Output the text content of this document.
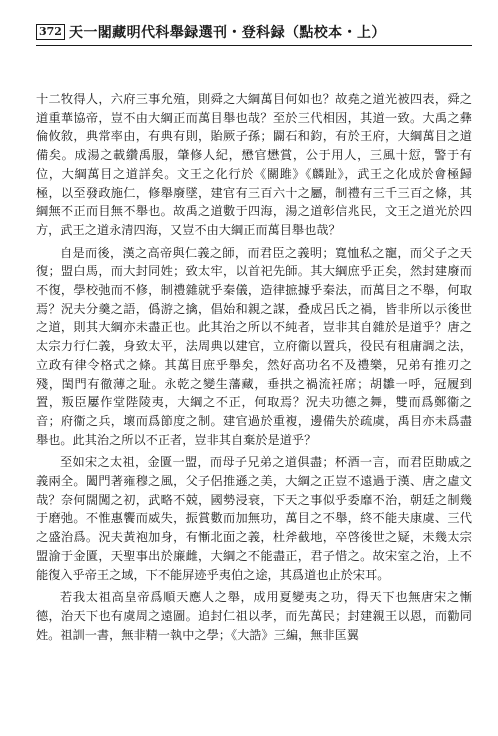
372 天一閣藏明代科舉録選刊・登科録（點校本・上）

十二牧得人，六府三事允殖，則舜之大綱萬目何如也？故堯之道光被四表，舜之道重華協帝，豈不由大綱正而萬目舉也哉？至於三代相因，其道一致。大禹之彝倫攸敘，典常率由，有典有則，貽厥子孫；闢石和鈞，有於王府，大綱萬目之道備矣。成湯之載纘禹服，肇修人紀，懋官懋賞，公于用人，三風十愆，警于有位，大綱萬目之道詳矣。文王之化行於《關雎》《麟趾》，武王之化成於會極歸極，以至發政施仁，修舉廢墜，建官有三百六十之屬，制禮有三千三百之條，其綱無不正而目無不舉也。故禹之道數于四海，湯之道彰信兆民，文王之道光於四方，武王之道永清四海，又豈不由大綱正而萬目舉也哉？

自是而後，漢之高帝與仁義之師，而君臣之義明；寬恤私之寵，而父子之天復；盟白馬，而大封同姓；致太牢，以首祀先師。其大綱庶乎正矣，然封建廢而不復，學校弛而不修，制禮雜就乎秦儀，造律摭據乎秦法，而萬目之不舉，何取焉？況夫分羹之語，僞游之擒，倡始和親之謀，叠成呂氏之禍，皆非所以示後世之道，則其大綱亦未盡正也。此其治之所以不純者，豈非其自雜於是道乎？唐之太宗力行仁義，身致太平，法周典以建官，立府衞以置兵，役民有租庸調之法，立政有律令格式之條。其萬目庶乎舉矣，然好高功名不及禮樂，兄弟有推刃之殘，閨門有徹薄之耻。永乾之變生藩藏，垂拱之禍流衽席；胡雛一呼，冠履到置，叛臣屢作堂陛陵夷，大綱之不正，何取焉？況夫功德之舞，雙而爲鄭衞之音；府衞之兵，壞而爲節度之制。建官過於重複，邊備失於疏虞，禹目亦未爲盡舉也。此其治之所以不正者，豈非其自棄於是道乎？

至如宋之太祖，金匱一盟，而母子兄弟之道俱盡；杯酒一言，而君臣勛戚之義兩全。闔門著雍穆之風，父子侶推遜之美，大綱之正豈不遠過于漢、唐之虛文哉？奈何闊闖之初，武略不兢，國勢浸衰，下天之事似乎委靡不治，朝廷之制幾于磨弛。不惟惠饗而威失，振賞數而加無功，萬目之不舉，終不能夫康虞、三代之盛治爲。況夫黃袍加身，有慚北面之義，杜斧截地，卒啓後世之疑，未幾太宗盟渝于金匱，天聖事出於廉雌，大綱之不能盡正，君子惜之。故宋室之治，上不能復入乎帝王之域，下不能屏迹乎夷伯之途，其爲道也止於宋耳。

若我太祖高皇帝爲順天應人之舉，成用夏變夷之功，得天下也無唐宋之慚德，治天下也有虞周之遠圖。追封仁祖以孝，而先萬民；封建親王以恩，而勸同姓。祖訓一書，無非精一執中之學；《大誥》三編，無非匡翼
